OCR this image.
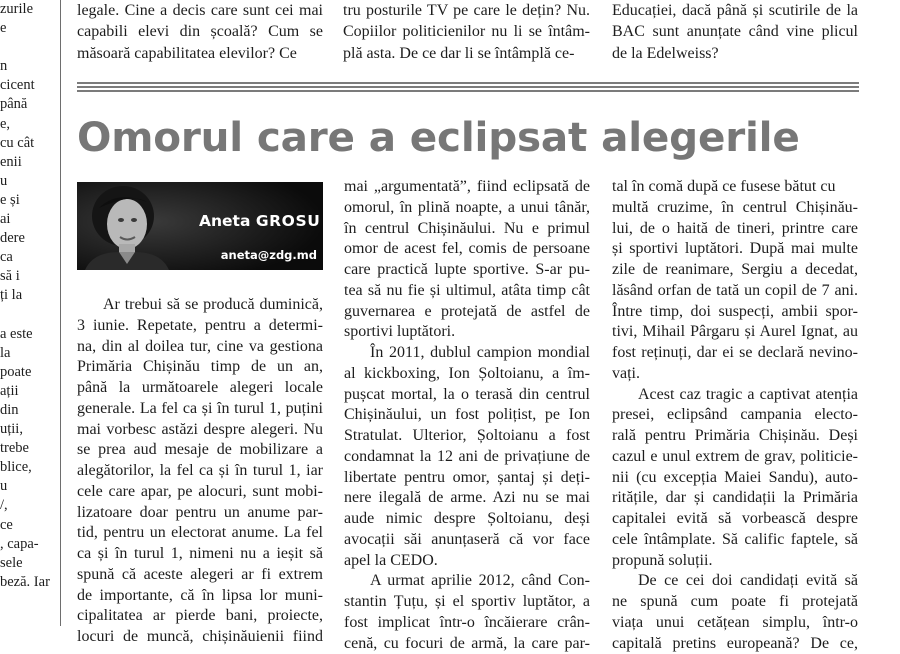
zurile
e
n
cicent
până
e,
cu cât
enii
u
e și
ai
dere
ca
să i
ți la
a este
la
poate
ații
din
uții,
trebe
blice,
u
/,
ce
, capa-
sele
beză. Iar
legale. Cine a decis care sunt cei mai
capabili elevi din școală? Cum se
măsoară capabilitatea elevilor? Ce
tru posturile TV pe care le dețin? Nu.
Copiilor politicienilor nu li se întâm-
plă asta. De ce dar li se întâmplă ce-
Educației, dacă până și scutirile de la
BAC sunt anunțate când vine plicul
de la Edelweiss?
Omorul care a eclipsat alegerile
Aneta GROSU
aneta@zdg.md
Ar trebui să se producă duminică,
3 iunie. Repetate, pentru a determi-
na, din al doilea tur, cine va gestiona
Primăria Chișinău timp de un an,
până la următoarele alegeri locale
generale. La fel ca și în turul 1, puțini
mai vorbesc astăzi despre alegeri. Nu
se prea aud mesaje de mobilizare a
alegătorilor, la fel ca și în turul 1, iar
cele care apar, pe alocuri, sunt mobi-
lizatoare doar pentru un anume par-
tid, pentru un electorat anume. La fel
ca și în turul 1, nimeni nu a ieșit să
spună că aceste alegeri ar fi extrem
de importante, că în lipsa lor muni-
cipalitatea ar pierde bani, proiecte,
locuri de muncă, chișinăuienii fiind
mai „argumentată”, fiind eclipsată de
omorul, în plină noapte, a unui tânăr,
în centrul Chișinăului. Nu e primul
omor de acest fel, comis de persoane
care practică lupte sportive. S-ar pu-
tea să nu fie și ultimul, atâta timp cât
guvernarea e protejată de astfel de
sportivi luptători.
În 2011, dublul campion mondial
al kickboxing, Ion Șoltoianu, a îm-
pușcat mortal, la o terasă din centrul
Chișinăului, un fost polițist, pe Ion
Stratulat. Ulterior, Șoltoianu a fost
condamnat la 12 ani de privațiune de
libertate pentru omor, șantaj și deți-
nere ilegală de arme. Azi nu se mai
aude nimic despre Șoltoianu, deși
avocații săi anunțaseră că vor face
apel la CEDO.
A urmat aprilie 2012, când Con-
stantin Țuțu, și el sportiv luptător, a
fost implicat într-o încăierare crân-
cenă, cu focuri de armă, la care par-
tal în comă după ce fusese bătut cu
multă cruzime, în centrul Chișinău-
lui, de o haită de tineri, printre care
și sportivi luptători. După mai multe
zile de reanimare, Sergiu a decedat,
lăsând orfan de tată un copil de 7 ani.
Între timp, doi suspecți, ambii spor-
tivi, Mihail Pârgaru și Aurel Ignat, au
fost reținuți, dar ei se declară nevino-
vați.
Acest caz tragic a captivat atenția
presei, eclipsând campania electo-
rală pentru Primăria Chișinău. Deși
cazul e unul extrem de grav, politicie-
nii (cu excepția Maiei Sandu), auto-
ritățile, dar și candidații la Primăria
capitalei evită să vorbească despre
cele întâmplate. Să calific faptele, să
propună soluții.
De ce cei doi candidați evită să
ne spună cum poate fi protejată
viața unui cetățean simplu, într-o
capitală pretins europeană? De ce,
